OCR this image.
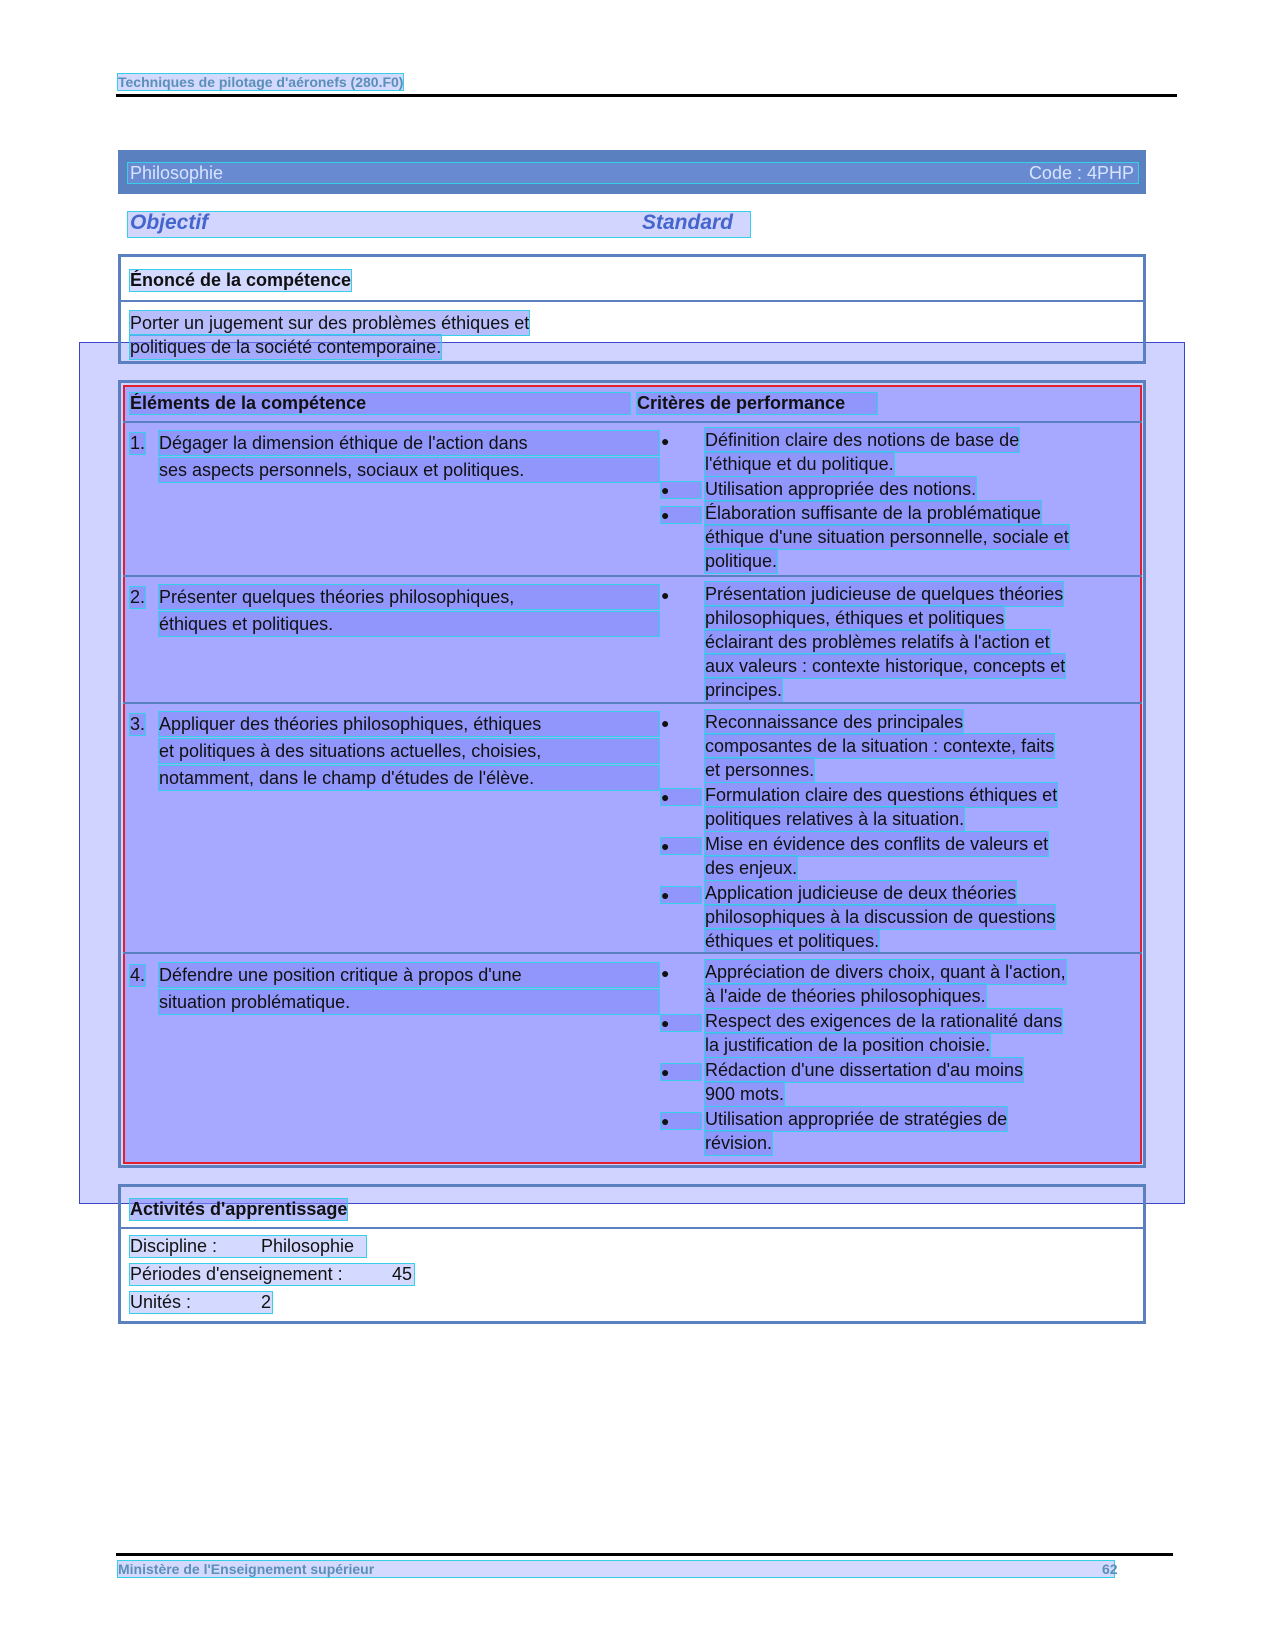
Techniques de pilotage d'aéronefs (280.F0)
Philosophie	Code : 4PHP
Objectif	Standard
Énoncé de la compétence
Porter un jugement sur des problèmes éthiques et
politiques de la société contemporaine.
Éléments de la compétence	Critères de performance
1. Dégager la dimension éthique de l'action dans
ses aspects personnels, sociaux et politiques.
● Définition claire des notions de base de
l'éthique et du politique.
●	Utilisation appropriée des notions.
●	Élaboration suffisante de la problématique
éthique d'une situation personnelle, sociale et
politique.
2. Présenter quelques théories philosophiques,
éthiques et politiques.
● Présentation judicieuse de quelques théories
philosophiques, éthiques et politiques
éclairant des problèmes relatifs à l'action et
aux valeurs : contexte historique, concepts et
principes.
3. Appliquer des théories philosophiques, éthiques
et politiques à des situations actuelles, choisies,
notamment, dans le champ d'études de l'élève.
● Reconnaissance des principales
composantes de la situation : contexte, faits
et personnes.
●	Formulation claire des questions éthiques et
politiques relatives à la situation.
●	Mise en évidence des conflits de valeurs et
des enjeux.
●	Application judicieuse de deux théories
philosophiques à la discussion de questions
éthiques et politiques.
4. Défendre une position critique à propos d'une
situation problématique.
● Appréciation de divers choix, quant à l'action,
à l'aide de théories philosophiques.
●	Respect des exigences de la rationalité dans
la justification de la position choisie.
●	Rédaction d'une dissertation d'au moins
900 mots.
●	Utilisation appropriée de stratégies de
révision.
Activités d'apprentissage
Discipline :	Philosophie
Périodes d'enseignement :	45
Unités :	2
Ministère de l'Enseignement supérieur	62
